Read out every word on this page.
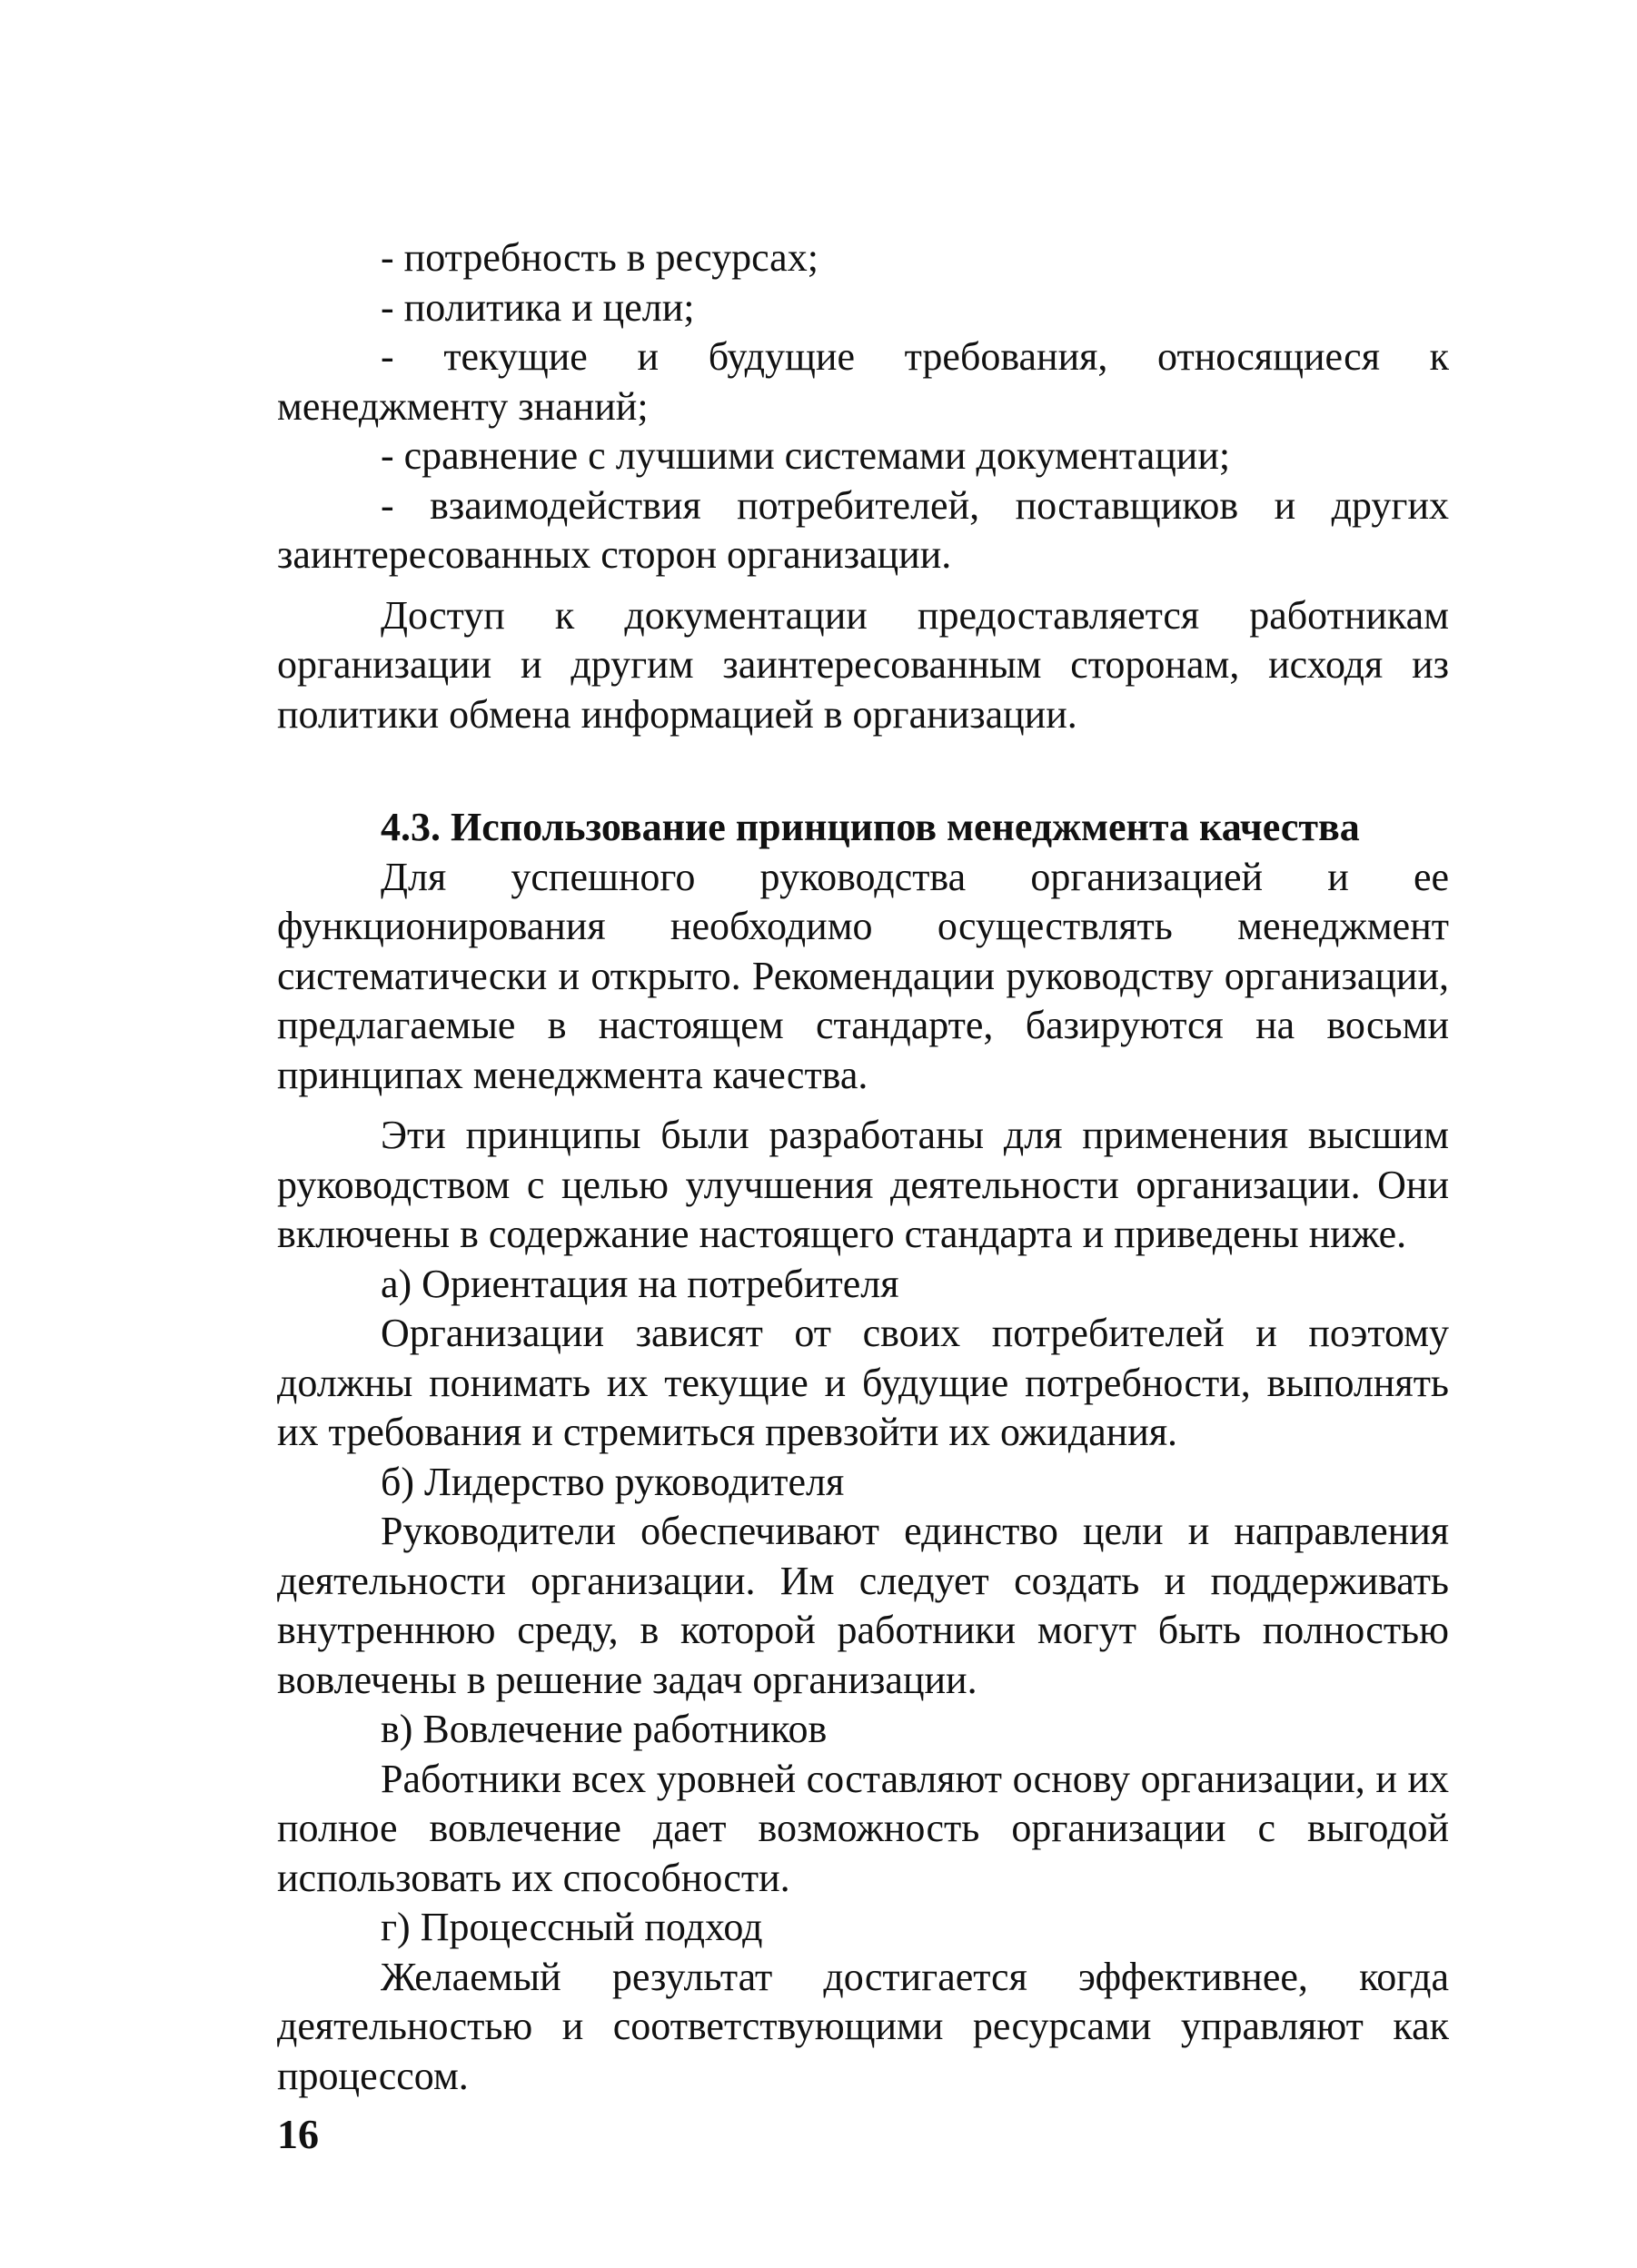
- потребность в ресурсах;

- политика и цели;

- текущие и будущие требования, относящиеся к менеджменту знаний;

- сравнение с лучшими системами документации;

- взаимодействия потребителей, поставщиков и других заинтересованных сторон организации.

Доступ к документации предоставляется работникам организации и другим заинтересованным сторонам, исходя из политики обмена информацией в организации.

4.3. Использование принципов менеджмента качества

Для успешного руководства организацией и ее функционирования необходимо осуществлять менеджмент систематически и открыто. Рекомендации руководству организации, предлагаемые в настоящем стандарте, базируются на восьми принципах менеджмента качества.

Эти принципы были разработаны для применения высшим руководством с целью улучшения деятельности организации. Они включены в содержание настоящего стандарта и приведены ниже.

а) Ориентация на потребителя

Организации зависят от своих потребителей и поэтому должны понимать их текущие и будущие потребности, выполнять их требования и стремиться превзойти их ожидания.

б) Лидерство руководителя

Руководители обеспечивают единство цели и направления деятельности организации. Им следует создать и поддерживать внутреннюю среду, в которой работники могут быть полностью вовлечены в решение задач организации.

в) Вовлечение работников

Работники всех уровней составляют основу организации, и их полное вовлечение дает возможность организации с выгодой использовать их способности.

г) Процессный подход

Желаемый результат достигается эффективнее, когда деятельностью и соответствующими ресурсами управляют как процессом.

16
